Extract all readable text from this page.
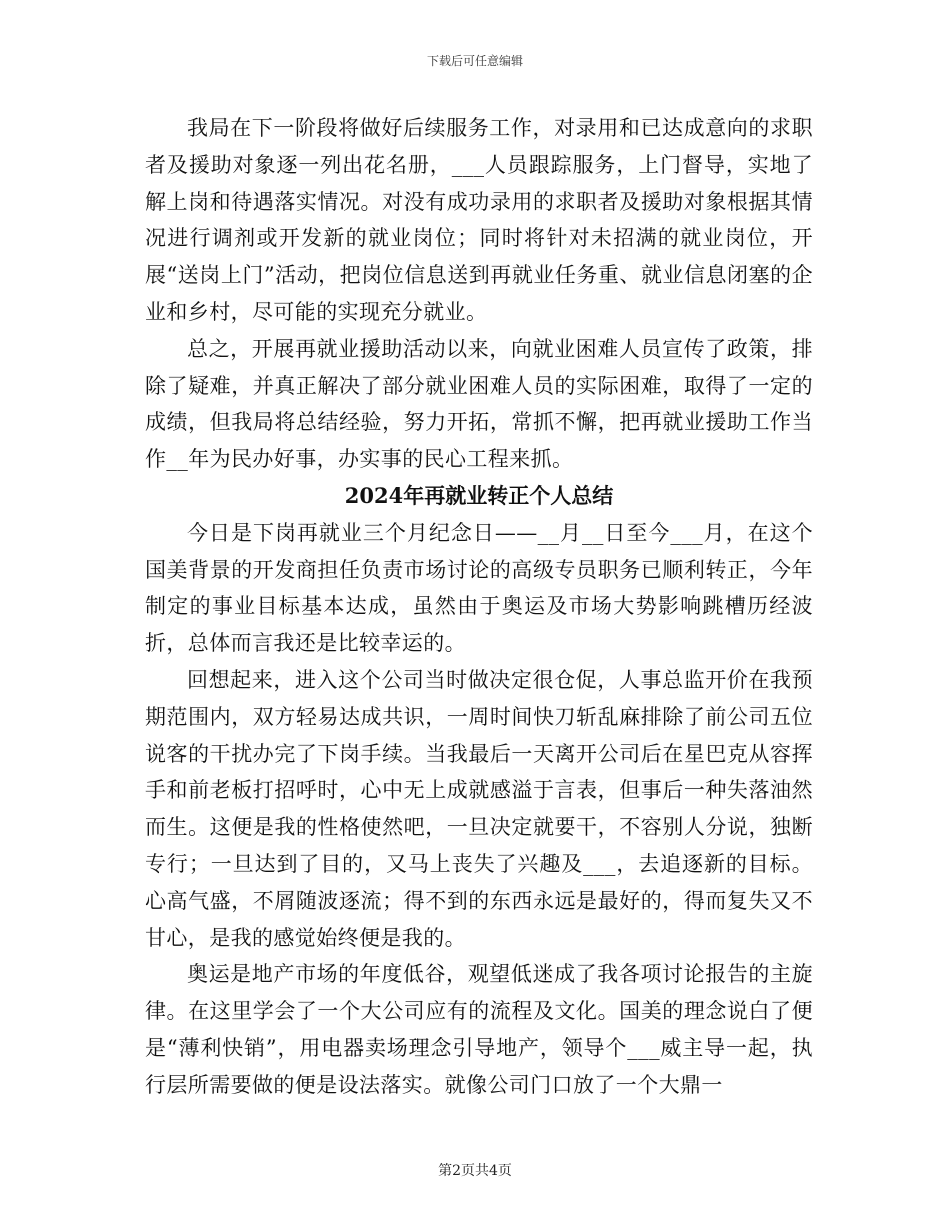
下载后可任意编辑

我局在下一阶段将做好后续服务工作，对录用和已达成意向的求职者及援助对象逐一列出花名册，___人员跟踪服务，上门督导，实地了解上岗和待遇落实情况。对没有成功录用的求职者及援助对象根据其情况进行调剂或开发新的就业岗位；同时将针对未招满的就业岗位，开展“送岗上门”活动，把岗位信息送到再就业任务重、就业信息闭塞的企业和乡村，尽可能的实现充分就业。

总之，开展再就业援助活动以来，向就业困难人员宣传了政策，排除了疑难，并真正解决了部分就业困难人员的实际困难，取得了一定的成绩，但我局将总结经验，努力开拓，常抓不懈，把再就业援助工作当作__年为民办好事，办实事的民心工程来抓。

2024年再就业转正个人总结

今日是下岗再就业三个月纪念日——__月__日至今___月，在这个国美背景的开发商担任负责市场讨论的高级专员职务已顺利转正，今年制定的事业目标基本达成，虽然由于奥运及市场大势影响跳槽历经波折，总体而言我还是比较幸运的。

回想起来，进入这个公司当时做决定很仓促，人事总监开价在我预期范围内，双方轻易达成共识，一周时间快刀斩乱麻排除了前公司五位说客的干扰办完了下岗手续。当我最后一天离开公司后在星巴克从容挥手和前老板打招呼时，心中无上成就感溢于言表，但事后一种失落油然而生。这便是我的性格使然吧，一旦决定就要干，不容别人分说，独断专行；一旦达到了目的，又马上丧失了兴趣及___，去追逐新的目标。心高气盛，不屑随波逐流；得不到的东西永远是最好的，得而复失又不甘心，是我的感觉始终便是我的。

奥运是地产市场的年度低谷，观望低迷成了我各项讨论报告的主旋律。在这里学会了一个大公司应有的流程及文化。国美的理念说白了便是“薄利快销”，用电器卖场理念引导地产，领导个___威主导一起，执行层所需要做的便是设法落实。就像公司门口放了一个大鼎一

第2页共4页
